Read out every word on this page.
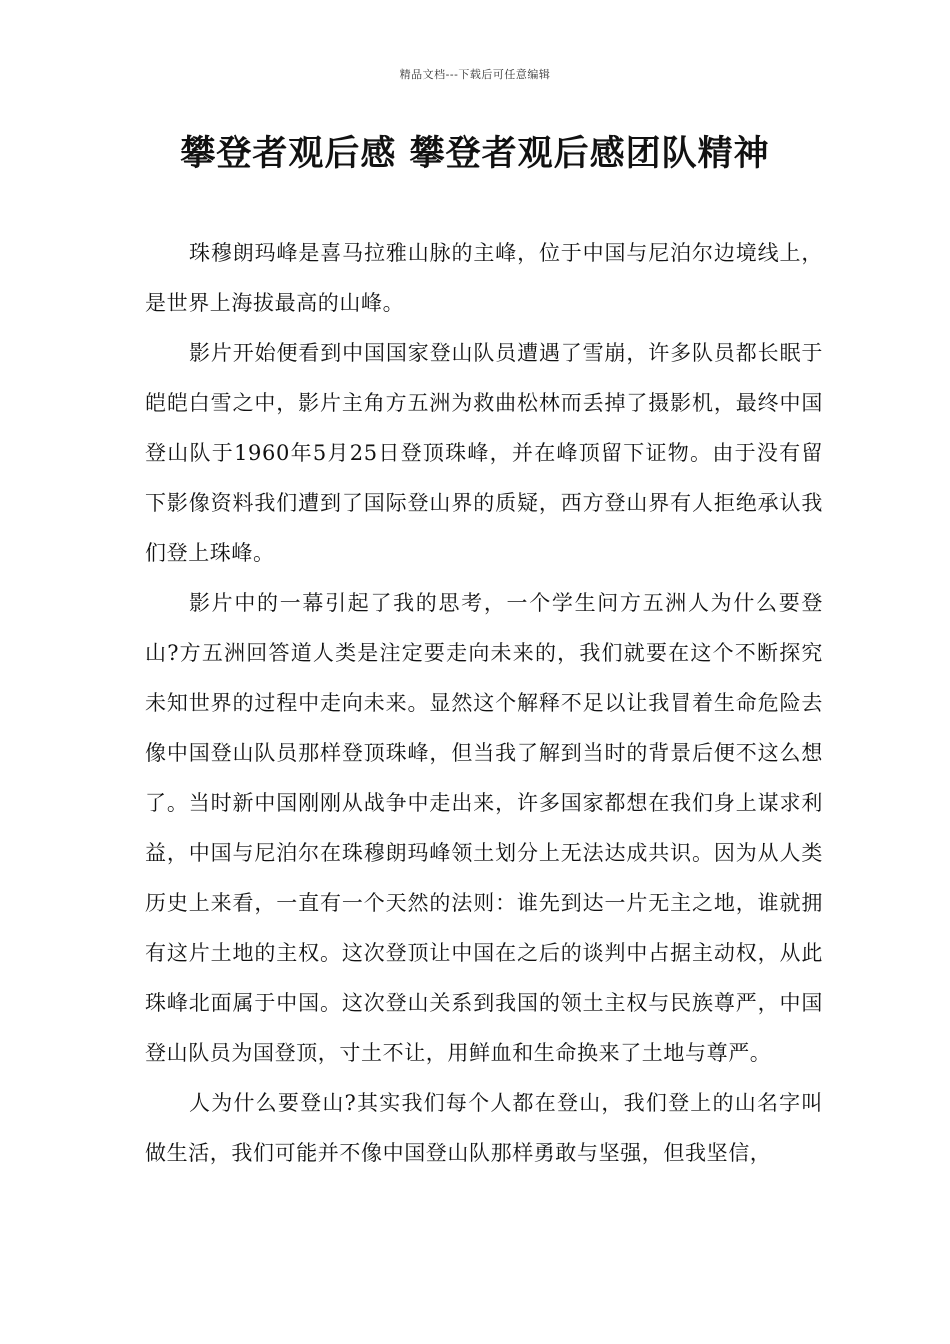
精品文档---下载后可任意编辑
攀登者观后感 攀登者观后感团队精神

珠穆朗玛峰是喜马拉雅山脉的主峰，位于中国与尼泊尔边境线上，是世界上海拔最高的山峰。

影片开始便看到中国国家登山队员遭遇了雪崩，许多队员都长眠于皑皑白雪之中，影片主角方五洲为救曲松林而丢掉了摄影机，最终中国登山队于1960年5月25日登顶珠峰，并在峰顶留下证物。由于没有留下影像资料我们遭到了国际登山界的质疑，西方登山界有人拒绝承认我们登上珠峰。

影片中的一幕引起了我的思考，一个学生问方五洲人为什么要登山?方五洲回答道人类是注定要走向未来的，我们就要在这个不断探究未知世界的过程中走向未来。显然这个解释不足以让我冒着生命危险去像中国登山队员那样登顶珠峰，但当我了解到当时的背景后便不这么想了。当时新中国刚刚从战争中走出来，许多国家都想在我们身上谋求利益，中国与尼泊尔在珠穆朗玛峰领土划分上无法达成共识。因为从人类历史上来看，一直有一个天然的法则：谁先到达一片无主之地，谁就拥有这片土地的主权。这次登顶让中国在之后的谈判中占据主动权，从此珠峰北面属于中国。这次登山关系到我国的领土主权与民族尊严，中国登山队员为国登顶，寸土不让，用鲜血和生命换来了土地与尊严。

人为什么要登山?其实我们每个人都在登山，我们登上的山名字叫做生活，我们可能并不像中国登山队那样勇敢与坚强，但我坚信，
